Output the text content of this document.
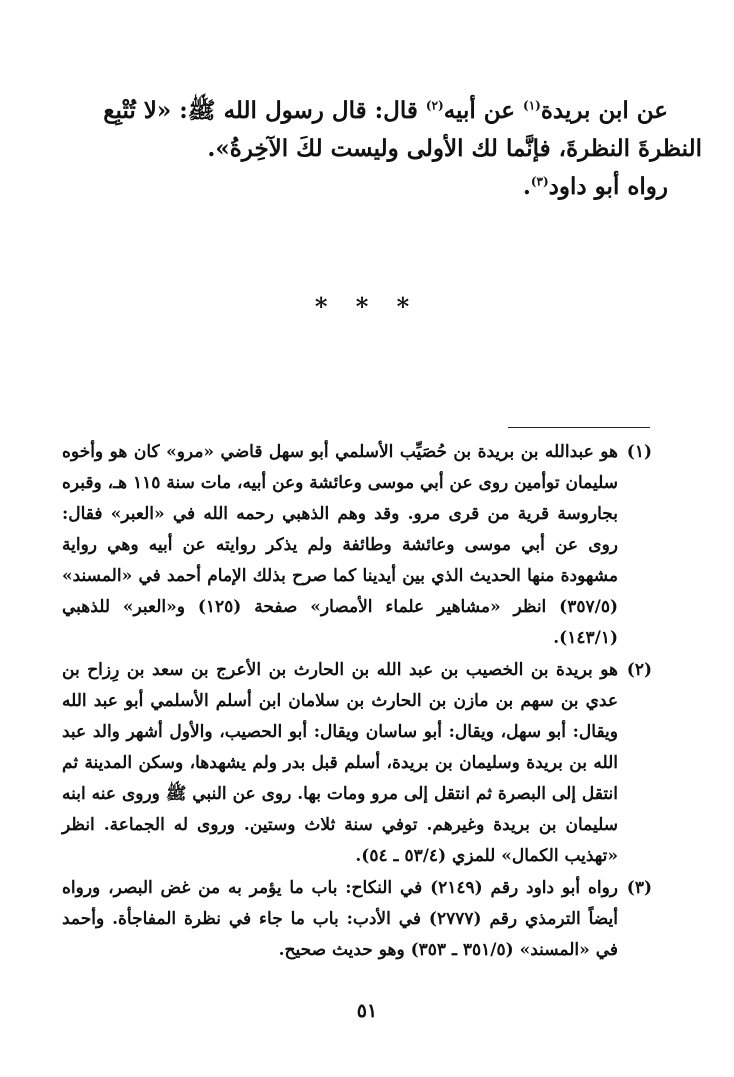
عن ابن بريدة$^{(١)}$ عن أبيه$^{(٢)}$ قال: قال رسول الله ﷺ: «لا تُتْبِع النظرةَ النظرةَ، فإنَّما لك الأولى وليست لكَ الآخِرةُ».

رواه أبو داود$^{(٣)}$.

* * *
(١)
هو عبدالله بن بريدة بن حُصَيِّب الأسلمي أبو سهل قاضي «مرو» كان هو وأخوه سليمان توأمين روى عن أبي موسى وعائشة وعن أبيه، مات سنة ١١٥ هـ، وقبره بجاروسة قرية من قرى مرو. وقد وهم الذهبي رحمه الله في «العبر» فقال: روى عن أبي موسى وعائشة وطائفة ولم يذكر روايته عن أبيه وهي رواية مشهودة منها الحديث الذي بين أيدينا كما صرح بذلك الإمام أحمد في «المسند» (٣٥٧/٥) انظر «مشاهير علماء الأمصار» صفحة (١٢٥) و«العبر» للذهبي (١٤٣/١).
(٢)
هو بريدة بن الخصيب بن عبد الله بن الحارث بن الأعرج بن سعد بن رِزاح بن عدي بن سهم بن مازن بن الحارث بن سلامان ابن أسلم الأسلمي أبو عبد الله ويقال: أبو سهل، ويقال: أبو ساسان ويقال: أبو الحصيب، والأول أشهر والد عبد الله بن بريدة وسليمان بن بريدة، أسلم قبل بدر ولم يشهدها، وسكن المدينة ثم انتقل إلى البصرة ثم انتقل إلى مرو ومات بها. روى عن النبي ﷺ وروى عنه ابنه سليمان بن بريدة وغيرهم. توفي سنة ثلاث وستين. وروى له الجماعة. انظر «تهذيب الكمال» للمزي (٥٣/٤ ـ ٥٤).
(٣)
رواه أبو داود رقم (٢١٤٩) في النكاح: باب ما يؤمر به من غض البصر، ورواه أيضاً الترمذي رقم (٢٧٧٧) في الأدب: باب ما جاء في نظرة المفاجأة. وأحمد في «المسند» (٣٥١/٥ ـ ٣٥٣) وهو حديث صحيح.
٥١
